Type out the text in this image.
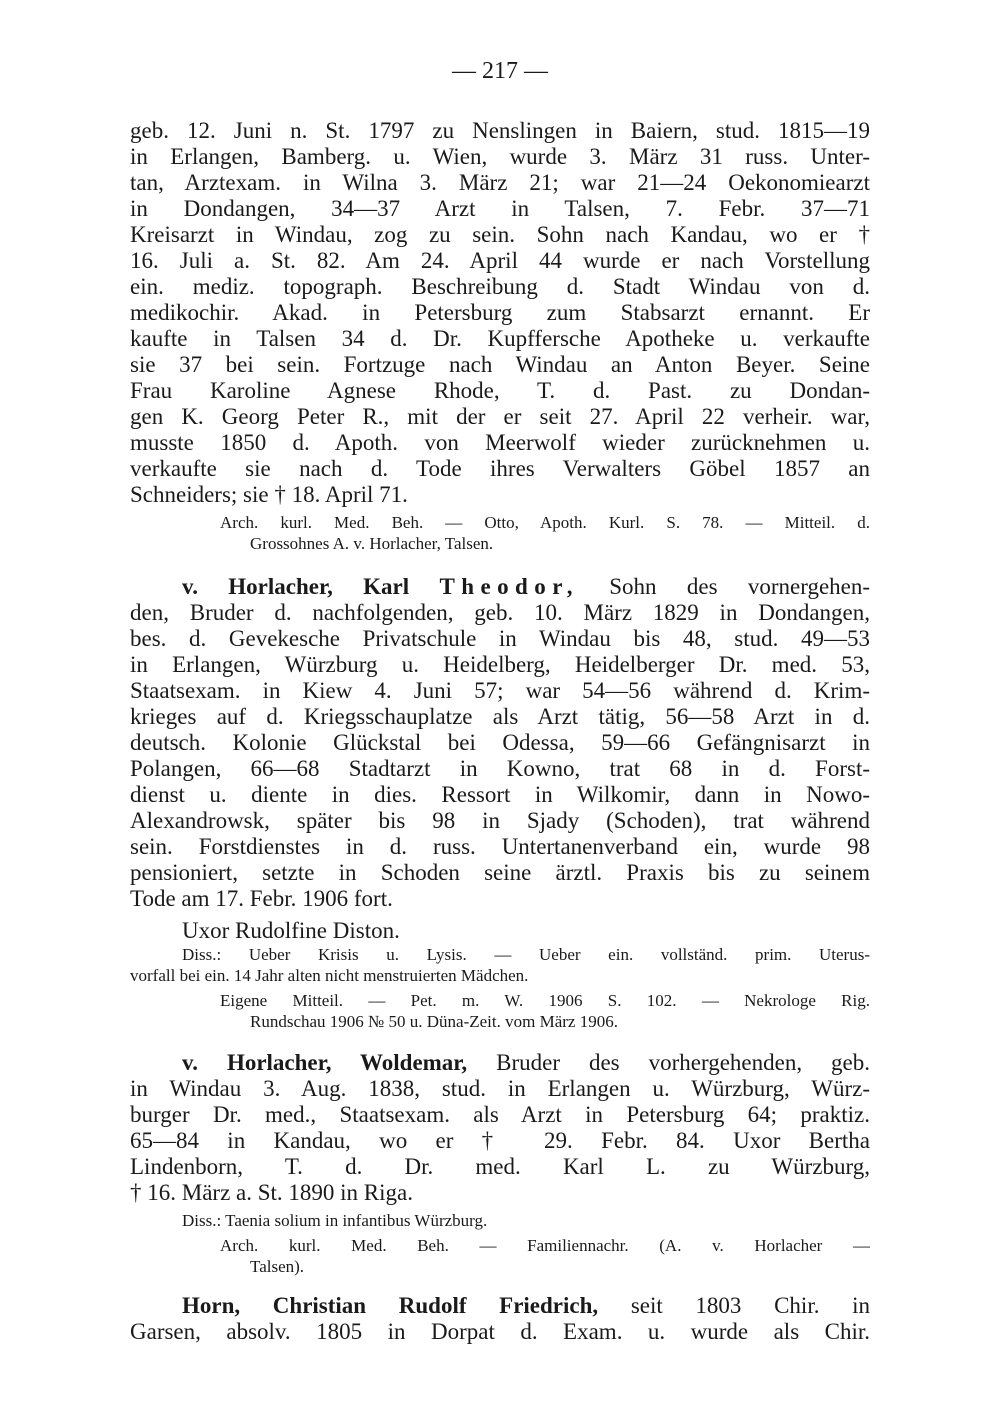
— 217 —
geb. 12. Juni n. St. 1797 zu Nenslingen in Baiern, stud. 1815—19
in Erlangen, Bamberg. u. Wien, wurde 3. März 31 russ. Unter-
tan, Arztexam. in Wilna 3. März 21; war 21—24 Oekonomiearzt
in Dondangen, 34—37 Arzt in Talsen, 7. Febr. 37—71
Kreisarzt in Windau, zog zu sein. Sohn nach Kandau, wo er †
16. Juli a. St. 82. Am 24. April 44 wurde er nach Vorstellung
ein. mediz. topograph. Beschreibung d. Stadt Windau von d.
medikochir. Akad. in Petersburg zum Stabsarzt ernannt. Er
kaufte in Talsen 34 d. Dr. Kupffersche Apotheke u. verkaufte
sie 37 bei sein. Fortzuge nach Windau an Anton Beyer. Seine
Frau Karoline Agnese Rhode, T. d. Past. zu Dondan-
gen K. Georg Peter R., mit der er seit 27. April 22 verheir. war,
musste 1850 d. Apoth. von Meerwolf wieder zurücknehmen u.
verkaufte sie nach d. Tode ihres Verwalters Göbel 1857 an
Schneiders; sie † 18. April 71.
Arch. kurl. Med. Beh. — Otto, Apoth. Kurl. S. 78. — Mitteil. d.
Grossohnes A. v. Horlacher, Talsen.
v. Horlacher, Karl Theodor, Sohn des vornergehen-
den, Bruder d. nachfolgenden, geb. 10. März 1829 in Dondangen,
bes. d. Gevekesche Privatschule in Windau bis 48, stud. 49—53
in Erlangen, Würzburg u. Heidelberg, Heidelberger Dr. med. 53,
Staatsexam. in Kiew 4. Juni 57; war 54—56 während d. Krim-
krieges auf d. Kriegsschauplatze als Arzt tätig, 56—58 Arzt in d.
deutsch. Kolonie Glückstal bei Odessa, 59—66 Gefängnisarzt in
Polangen, 66—68 Stadtarzt in Kowno, trat 68 in d. Forst-
dienst u. diente in dies. Ressort in Wilkomir, dann in Nowo-
Alexandrowsk, später bis 98 in Sjady (Schoden), trat während
sein. Forstdienstes in d. russ. Untertanenverband ein, wurde 98
pensioniert, setzte in Schoden seine ärztl. Praxis bis zu seinem
Tode am 17. Febr. 1906 fort.
Uxor Rudolfine Diston.
Diss.: Ueber Krisis u. Lysis. — Ueber ein. vollständ. prim. Uterus-
vorfall bei ein. 14 Jahr alten nicht menstruierten Mädchen.
Eigene Mitteil. — Pet. m. W. 1906 S. 102. — Nekrologe Rig.
Rundschau 1906 № 50 u. Düna-Zeit. vom März 1906.
v. Horlacher, Woldemar, Bruder des vorhergehenden, geb.
in Windau 3. Aug. 1838, stud. in Erlangen u. Würzburg, Würz-
burger Dr. med., Staatsexam. als Arzt in Petersburg 64; praktiz.
65—84 in Kandau, wo er † 29. Febr. 84. Uxor Bertha
Lindenborn, T. d. Dr. med. Karl L. zu Würzburg,
† 16. März a. St. 1890 in Riga.
Diss.: Taenia solium in infantibus Würzburg.
Arch. kurl. Med. Beh. — Familiennachr. (A. v. Horlacher —
Talsen).
Horn, Christian Rudolf Friedrich, seit 1803 Chir. in
Garsen, absolv. 1805 in Dorpat d. Exam. u. wurde als Chir.
